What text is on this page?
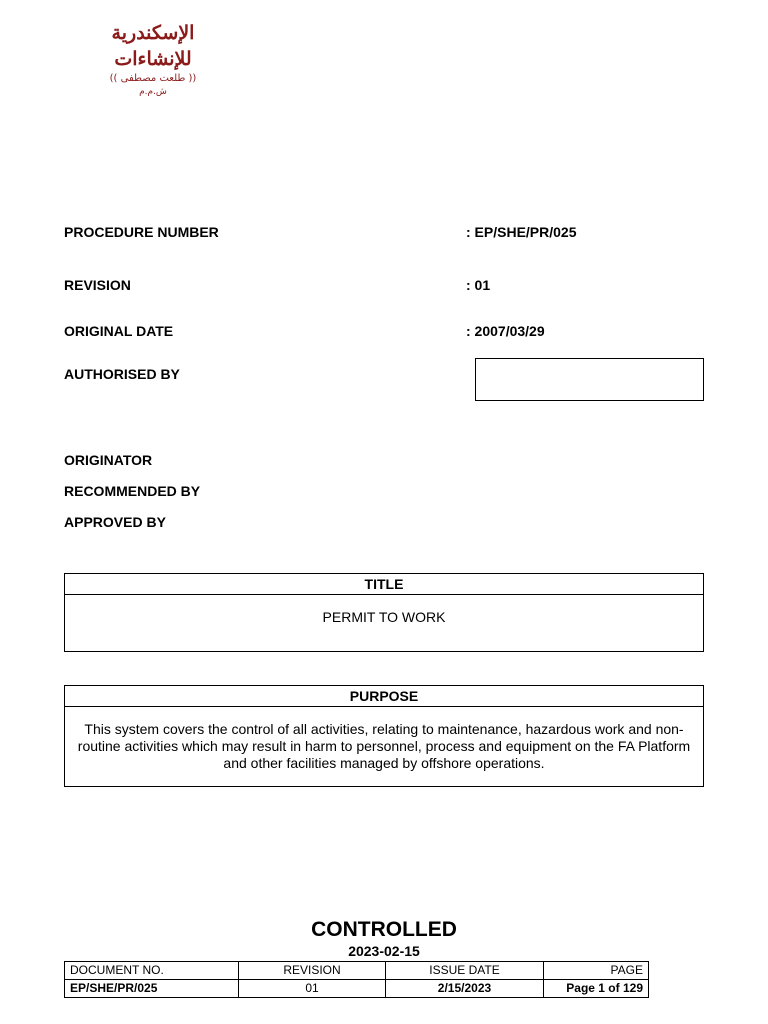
الإسكندرية للإنشاءات
(( طلعت مصطفى ))
ش.م.م
PROCEDURE NUMBER	: EP/SHE/PR/025
REVISION	: 01
ORIGINAL DATE	: 2007/03/29
AUTHORISED BY
ORIGINATOR
RECOMMENDED BY
APPROVED BY
TITLE
PERMIT TO WORK
PURPOSE
This system covers the control of all activities, relating to maintenance, hazardous work and non-routine activities which may result in harm to personnel, process and equipment on the FA Platform and other facilities managed by offshore operations.
CONTROLLED
2023-02-15
DOCUMENT NO.	REVISION	ISSUE DATE	PAGE
EP/SHE/PR/025	01	2/15/2023	Page 1 of 129
